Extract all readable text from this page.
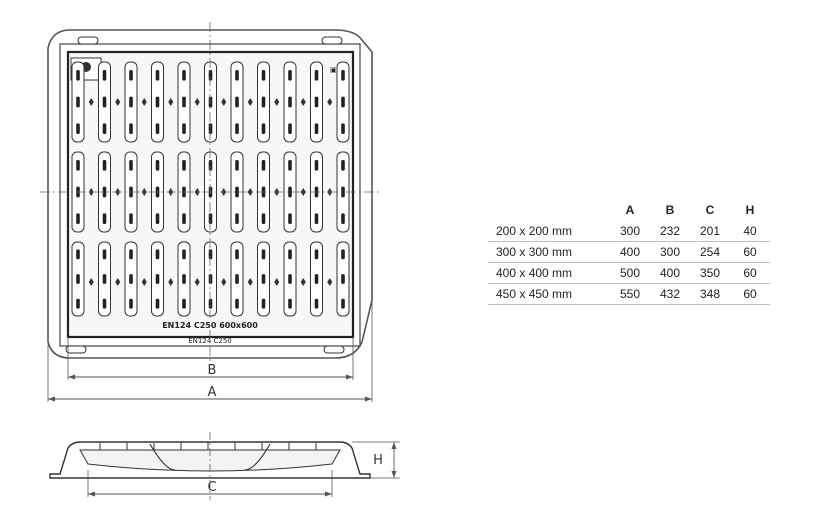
▣
EN124 C250 600x600
EN124 C250
B
A
C
H
	A	B	C	H
200 x 200 mm	300	232	201	40
300 x 300 mm	400	300	254	60
400 x 400 mm	500	400	350	60
450 x 450 mm	550	432	348	60
